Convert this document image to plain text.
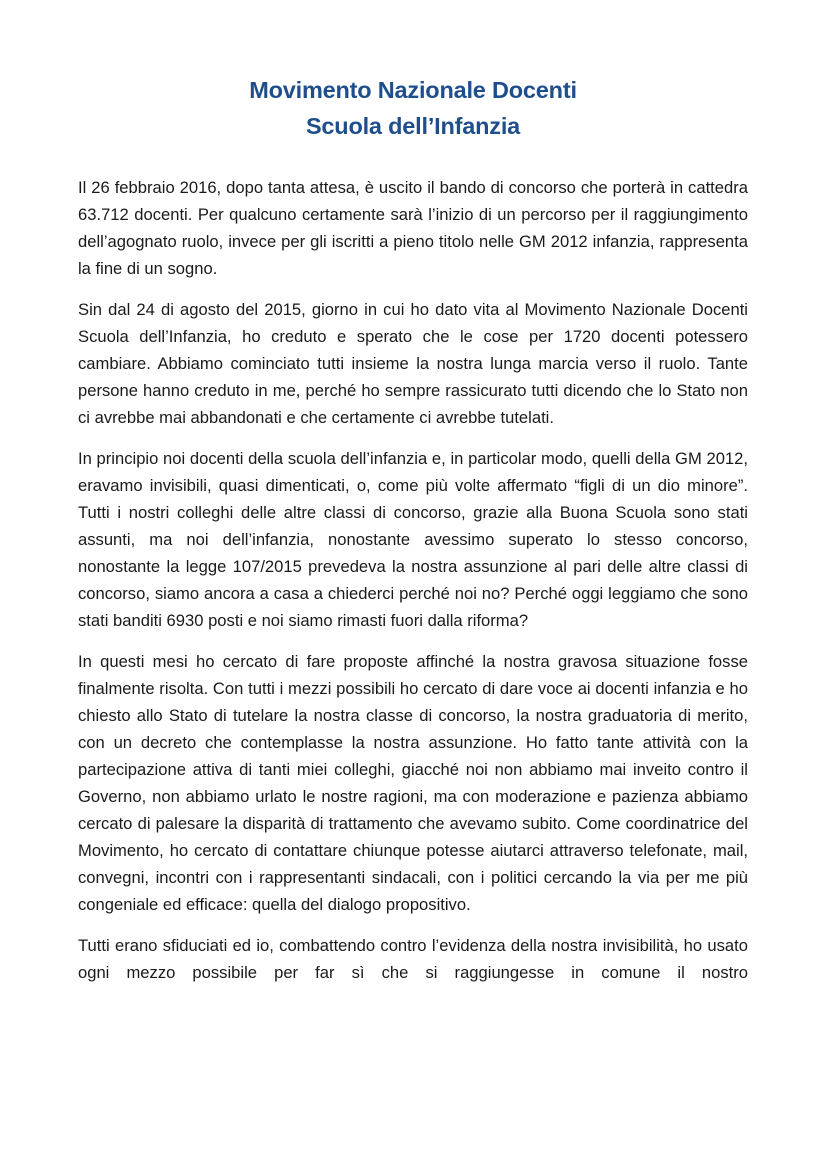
Movimento Nazionale Docenti
Scuola dell’Infanzia

Il 26 febbraio 2016, dopo tanta attesa, è uscito il bando di concorso che porterà in cattedra 63.712 docenti. Per qualcuno certamente sarà l’inizio di un percorso per il raggiungimento dell’agognato ruolo, invece per gli iscritti a pieno titolo nelle GM 2012 infanzia, rappresenta la fine di un sogno.

Sin dal 24 di agosto del 2015, giorno in cui ho dato vita al Movimento Nazionale Docenti Scuola dell’Infanzia, ho creduto e sperato che le cose per 1720 docenti potessero cambiare. Abbiamo cominciato tutti insieme la nostra lunga marcia verso il ruolo. Tante persone hanno creduto in me, perché ho sempre rassicurato tutti dicendo che lo Stato non ci avrebbe mai abbandonati e che certamente ci avrebbe tutelati.

In principio noi docenti della scuola dell’infanzia e, in particolar modo, quelli della GM 2012, eravamo invisibili, quasi dimenticati, o, come più volte affermato “figli di un dio minore”. Tutti i nostri colleghi delle altre classi di concorso, grazie alla Buona Scuola sono stati assunti, ma noi dell’infanzia, nonostante avessimo superato lo stesso concorso, nonostante la legge 107/2015 prevedeva la nostra assunzione al pari delle altre classi di concorso, siamo ancora a casa a chiederci perché noi no? Perché oggi leggiamo che sono stati banditi 6930 posti e noi siamo rimasti fuori dalla riforma?

In questi mesi ho cercato di fare proposte affinché la nostra gravosa situazione fosse finalmente risolta. Con tutti i mezzi possibili ho cercato di dare voce ai docenti infanzia e ho chiesto allo Stato di tutelare la nostra classe di concorso, la nostra graduatoria di merito, con un decreto che contemplasse la nostra assunzione. Ho fatto tante attività con la partecipazione attiva di tanti miei colleghi, giacché noi non abbiamo mai inveito contro il Governo, non abbiamo urlato le nostre ragioni, ma con moderazione e pazienza abbiamo cercato di palesare la disparità di trattamento che avevamo subito. Come coordinatrice del Movimento, ho cercato di contattare chiunque potesse aiutarci attraverso telefonate, mail, convegni, incontri con i rappresentanti sindacali, con i politici cercando la via per me più congeniale ed efficace: quella del dialogo propositivo.

Tutti erano sfiduciati ed io, combattendo contro l’evidenza della nostra invisibilità, ho usato ogni mezzo possibile per far sì che si raggiungesse in comune il nostro
